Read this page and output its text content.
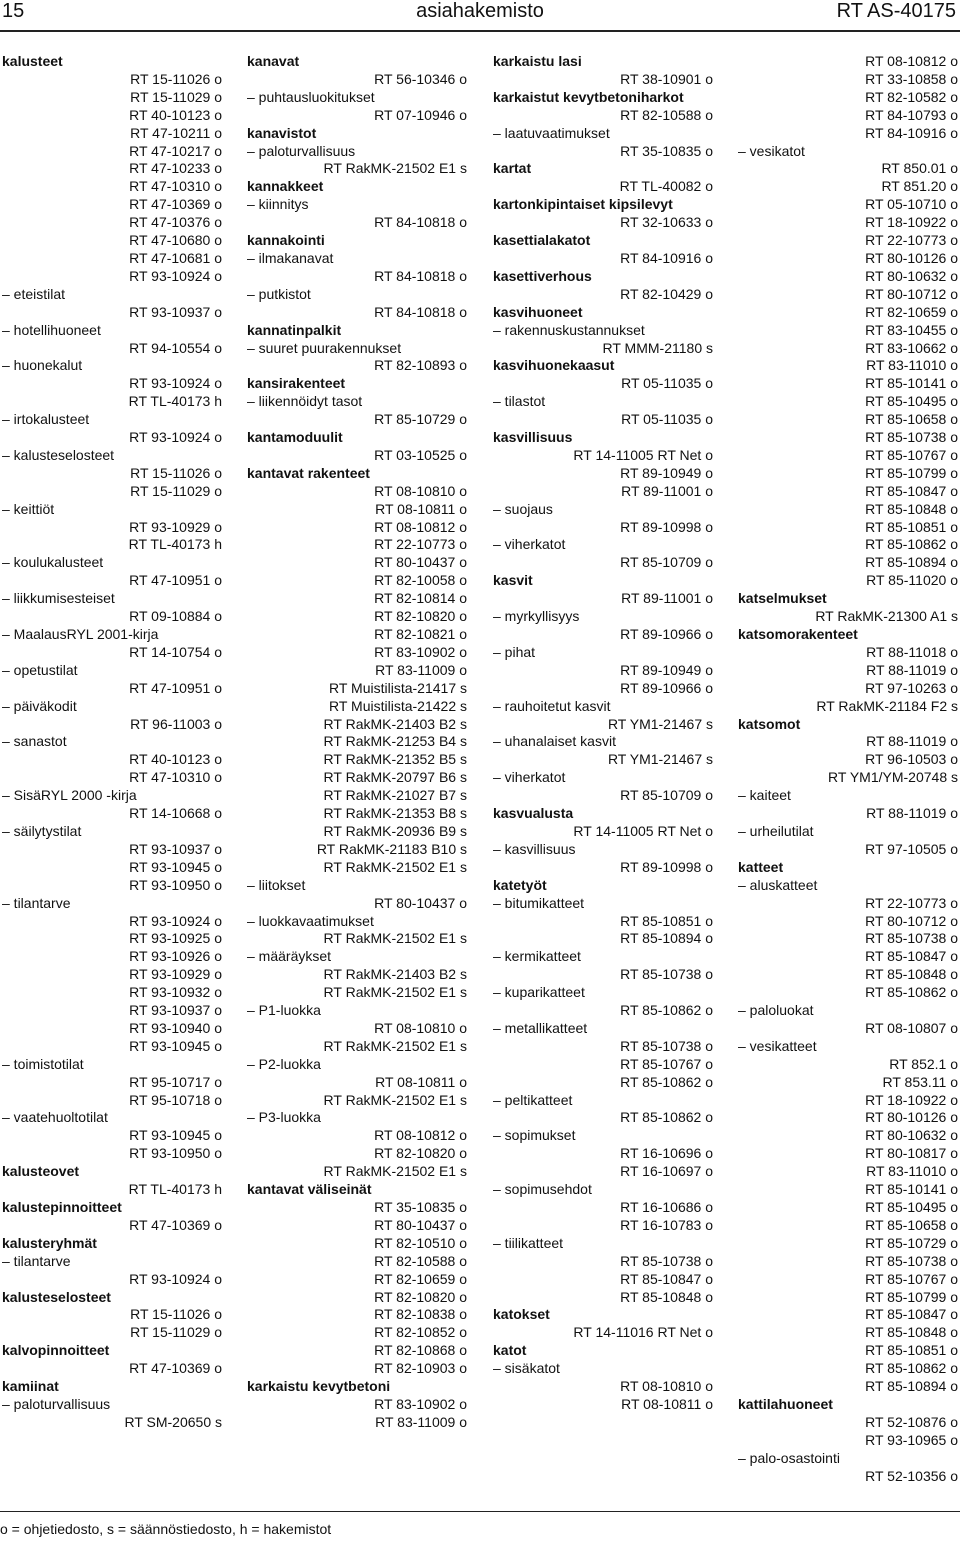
15	asiahakemisto	RT AS-40175
kalusteet
RT 15-11026 o
RT 15-11029 o
RT 40-10123 o
RT 47-10211 o
RT 47-10217 o
RT 47-10233 o
RT 47-10310 o
RT 47-10369 o
RT 47-10376 o
RT 47-10680 o
RT 47-10681 o
RT 93-10924 o
– eteistilat
RT 93-10937 o
– hotellihuoneet
RT 94-10554 o
– huonekalut
RT 93-10924 o
RT TL-40173 h
– irtokalusteet
RT 93-10924 o
– kalusteselosteet
RT 15-11026 o
RT 15-11029 o
– keittiöt
RT 93-10929 o
RT TL-40173 h
– koulukalusteet
RT 47-10951 o
– liikkumisesteiset
RT 09-10884 o
– MaalausRYL 2001-kirja
RT 14-10754 o
– opetustilat
RT 47-10951 o
– päiväkodit
RT 96-11003 o
– sanastot
RT 40-10123 o
RT 47-10310 o
– SisäRYL 2000 -kirja
RT 14-10668 o
– säilytystilat
RT 93-10937 o
RT 93-10945 o
RT 93-10950 o
– tilantarve
RT 93-10924 o
RT 93-10925 o
RT 93-10926 o
RT 93-10929 o
RT 93-10932 o
RT 93-10937 o
RT 93-10940 o
RT 93-10945 o
– toimistotilat
RT 95-10717 o
RT 95-10718 o
– vaatehuoltotilat
RT 93-10945 o
RT 93-10950 o
kalusteovet
RT TL-40173 h
kalustepinnoitteet
RT 47-10369 o
kalusteryhmät
– tilantarve
RT 93-10924 o
kalusteselosteet
RT 15-11026 o
RT 15-11029 o
kalvopinnoitteet
RT 47-10369 o
kamiinat
– paloturvallisuus
RT SM-20650 s
kanavat
RT 56-10346 o
– puhtausluokitukset
RT 07-10946 o
kanavistot
– paloturvallisuus
RT RakMK-21502 E1 s
kannakkeet
– kiinnitys
RT 84-10818 o
kannakointi
– ilmakanavat
RT 84-10818 o
– putkistot
RT 84-10818 o
kannatinpalkit
– suuret puurakennukset
RT 82-10893 o
kansirakenteet
– liikennöidyt tasot
RT 85-10729 o
kantamoduulit
RT 03-10525 o
kantavat rakenteet
RT 08-10810 o
RT 08-10811 o
RT 08-10812 o
RT 22-10773 o
RT 80-10437 o
RT 82-10058 o
RT 82-10814 o
RT 82-10820 o
RT 82-10821 o
RT 83-10902 o
RT 83-11009 o
RT Muistilista-21417 s
RT Muistilista-21422 s
RT RakMK-21403 B2 s
RT RakMK-21253 B4 s
RT RakMK-21352 B5 s
RT RakMK-20797 B6 s
RT RakMK-21027 B7 s
RT RakMK-21353 B8 s
RT RakMK-20936 B9 s
RT RakMK-21183 B10 s
RT RakMK-21502 E1 s
– liitokset
RT 80-10437 o
– luokkavaatimukset
RT RakMK-21502 E1 s
– määräykset
RT RakMK-21403 B2 s
RT RakMK-21502 E1 s
– P1-luokka
RT 08-10810 o
RT RakMK-21502 E1 s
– P2-luokka
RT 08-10811 o
RT RakMK-21502 E1 s
– P3-luokka
RT 08-10812 o
RT 82-10820 o
RT RakMK-21502 E1 s
kantavat väliseinät
RT 35-10835 o
RT 80-10437 o
RT 82-10510 o
RT 82-10588 o
RT 82-10659 o
RT 82-10820 o
RT 82-10838 o
RT 82-10852 o
RT 82-10868 o
RT 82-10903 o
karkaistu kevytbetoni
RT 83-10902 o
RT 83-11009 o
karkaistu lasi
RT 38-10901 o
karkaistut kevytbetoniharkot
RT 82-10588 o
– laatuvaatimukset
RT 35-10835 o
kartat
RT TL-40082 o
kartonkipintaiset kipsilevyt
RT 32-10633 o
kasettialakatot
RT 84-10916 o
kasettiverhous
RT 82-10429 o
kasvihuoneet
– rakennuskustannukset
RT MMM-21180 s
kasvihuonekaasut
RT 05-11035 o
– tilastot
RT 05-11035 o
kasvillisuus
RT 14-11005 RT Net o
RT 89-10949 o
RT 89-11001 o
– suojaus
RT 89-10998 o
– viherkatot
RT 85-10709 o
kasvit
RT 89-11001 o
– myrkyllisyys
RT 89-10966 o
– pihat
RT 89-10949 o
RT 89-10966 o
– rauhoitetut kasvit
RT YM1-21467 s
– uhanalaiset kasvit
RT YM1-21467 s
– viherkatot
RT 85-10709 o
kasvualusta
RT 14-11005 RT Net o
– kasvillisuus
RT 89-10998 o
katetyöt
– bitumikatteet
RT 85-10851 o
RT 85-10894 o
– kermikatteet
RT 85-10738 o
– kuparikatteet
RT 85-10862 o
– metallikatteet
RT 85-10738 o
RT 85-10767 o
RT 85-10862 o
– peltikatteet
RT 85-10862 o
– sopimukset
RT 16-10696 o
RT 16-10697 o
– sopimusehdot
RT 16-10686 o
RT 16-10783 o
– tiilikatteet
RT 85-10738 o
RT 85-10847 o
RT 85-10848 o
katokset
RT 14-11016 RT Net o
katot
– sisäkatot
RT 08-10810 o
RT 08-10811 o
RT 08-10812 o
RT 33-10858 o
RT 82-10582 o
RT 84-10793 o
RT 84-10916 o
– vesikatot
RT 850.01 o
RT 851.20 o
RT 05-10710 o
RT 18-10922 o
RT 22-10773 o
RT 80-10126 o
RT 80-10632 o
RT 80-10712 o
RT 82-10659 o
RT 83-10455 o
RT 83-10662 o
RT 83-11010 o
RT 85-10141 o
RT 85-10495 o
RT 85-10658 o
RT 85-10738 o
RT 85-10767 o
RT 85-10799 o
RT 85-10847 o
RT 85-10848 o
RT 85-10851 o
RT 85-10862 o
RT 85-10894 o
RT 85-11020 o
katselmukset
RT RakMK-21300 A1 s
katsomorakenteet
RT 88-11018 o
RT 88-11019 o
RT 97-10263 o
RT RakMK-21184 F2 s
katsomot
RT 88-11019 o
RT 96-10503 o
RT YM1/YM-20748 s
– kaiteet
RT 88-11019 o
– urheilutilat
RT 97-10505 o
katteet
– aluskatteet
RT 22-10773 o
RT 80-10712 o
RT 85-10738 o
RT 85-10847 o
RT 85-10848 o
RT 85-10862 o
– paloluokat
RT 08-10807 o
– vesikatteet
RT 852.1 o
RT 853.11 o
RT 18-10922 o
RT 80-10126 o
RT 80-10632 o
RT 80-10817 o
RT 83-11010 o
RT 85-10141 o
RT 85-10495 o
RT 85-10658 o
RT 85-10729 o
RT 85-10738 o
RT 85-10767 o
RT 85-10799 o
RT 85-10847 o
RT 85-10848 o
RT 85-10851 o
RT 85-10862 o
RT 85-10894 o
kattilahuoneet
RT 52-10876 o
RT 93-10965 o
– palo-osastointi
RT 52-10356 o
o = ohjetiedosto, s = säännöstiedosto, h = hakemistot
